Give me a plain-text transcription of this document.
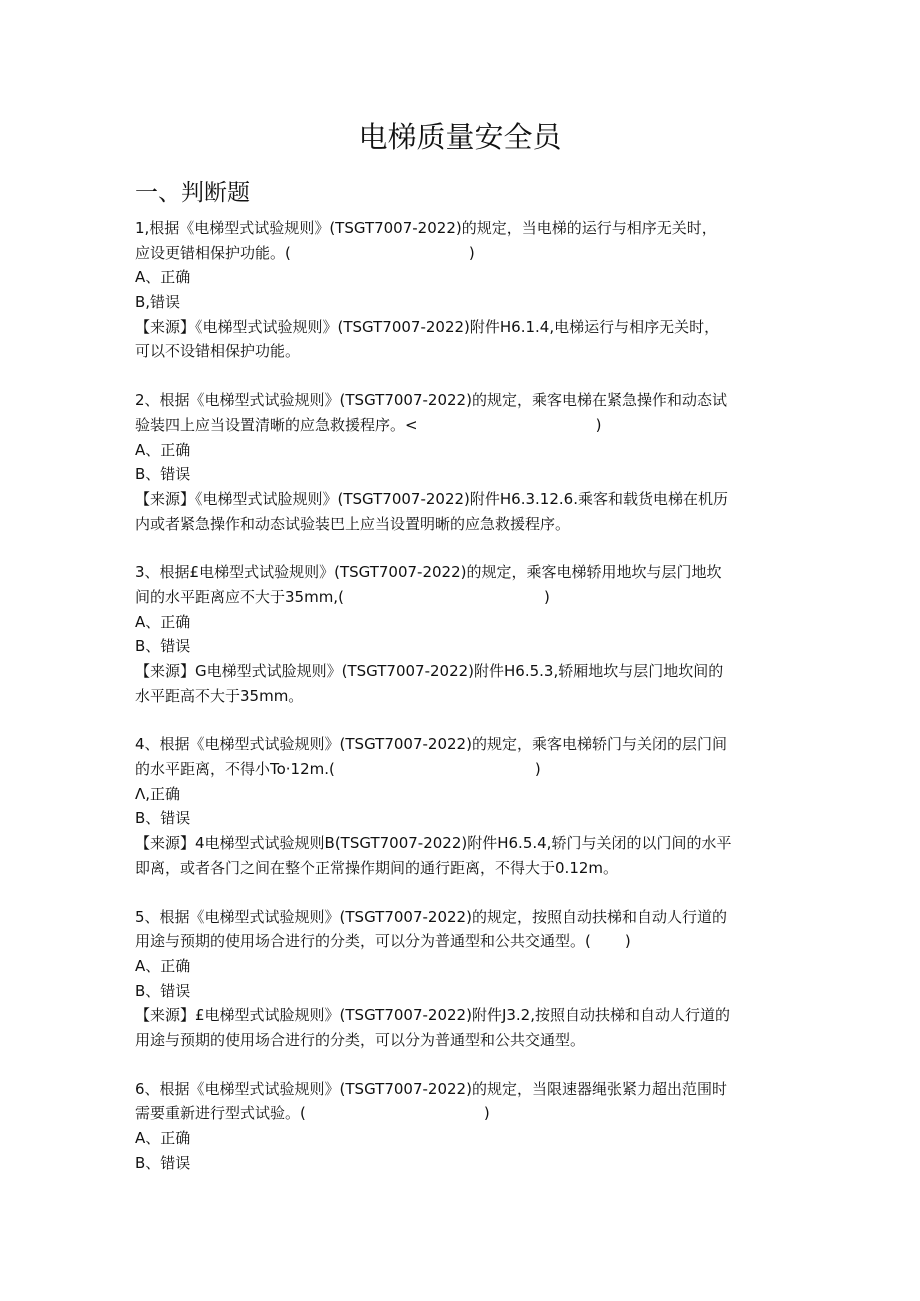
电梯质量安全员
一、判断题
1,根据《电梯型式试验规则》(TSGT7007-2022)的规定，当电梯的运行与相序无关时，
应设更错相保护功能。(	)
A、正确
B,错误
【来源】《电梯型式试验规则》(TSGT7007-2022)附件H6.1.4,电梯运行与相序无关时，
可以不设错相保护功能。
2、根据《电梯型式试验规则》(TSGT7007-2022)的规定，乘客电梯在紧急操作和动态试
验装四上应当设置清晰的应急救援程序。<	)
A、正确
B、错误
【来源】《电梯型式试脸规则》(TSGT7007-2022)附件H6.3.12.6.乘客和载货电梯在机历
内或者紧急操作和动态试验装巴上应当设置明晰的应急救援程序。
3、根据£电梯型式试验规则》(TSGT7007-2022)的规定，乘客电梯轿用地坎与层门地坎
间的水平距离应不大于35mm,(	)
A、正确
B、错误
【来源】G电梯型式试脸规则》(TSGT7007-2022)附件H6.5.3,轿厢地坎与层门地坎间的
水平距高不大于35mm。
4、根据《电梯型式试验规则》(TSGT7007-2022)的规定，乘客电梯轿门与关闭的层门间
的水平距离，不得小To·12m.(	)
Λ,正确
B、错误
【来源】4电梯型式试验规则B(TSGT7007-2022)附件H6.5.4,轿门与关闭的以门间的水平
即离，或者各门之间在整个正常操作期间的通行距离，不得大于0.12m。
5、根据《电梯型式试验规则》(TSGT7007-2022)的规定，按照自动扶梯和自动人行道的
用途与预期的使用场合进行的分类，可以分为普通型和公共交通型。( )
A、正确
B、错误
【来源】£电梯型式试脸规则》(TSGT7007-2022)附件J3.2,按照自动扶梯和自动人行道的
用途与预期的使用场合进行的分类，可以分为普通型和公共交通型。
6、根据《电梯型式试验规则》(TSGT7007-2022)的规定，当限速器绳张紧力超出范围时
需要重新进行型式试验。(	)
A、正确
B、错误
